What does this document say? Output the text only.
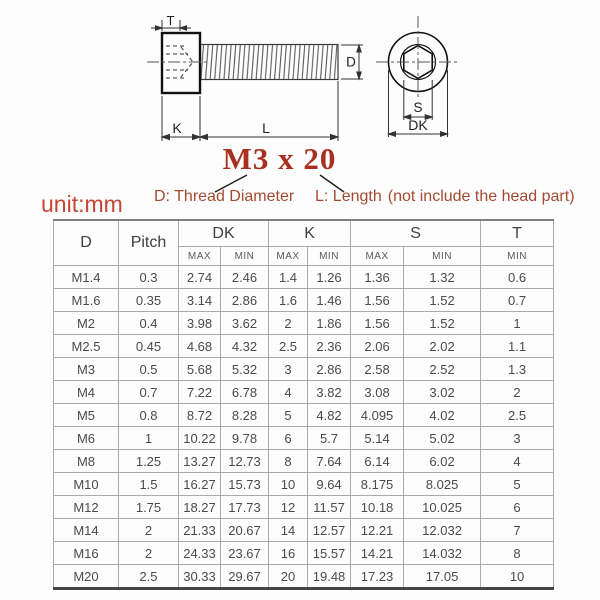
T
D
K	L
S
DK
M3 x 20
D: Thread Diameter L: Length (not include the head part)
unit:mm
D	Pitch	DK		K		S		T
		MAX	MIN	MAX	MIN	MAX	MIN	MIN
M1.4	0.3	2.74	2.46	1.4	1.26	1.36	1.32	0.6
M1.6	0.35	3.14	2.86	1.6	1.46	1.56	1.52	0.7
M2	0.4	3.98	3.62	2	1.86	1.56	1.52	1
M2.5	0.45	4.68	4.32	2.5	2.36	2.06	2.02	1.1
M3	0.5	5.68	5.32	3	2.86	2.58	2.52	1.3
M4	0.7	7.22	6.78	4	3.82	3.08	3.02	2
M5	0.8	8.72	8.28	5	4.82	4.095	4.02	2.5
M6	1	10.22	9.78	6	5.7	5.14	5.02	3
M8	1.25	13.27	12.73	8	7.64	6.14	6.02	4
M10	1.5	16.27	15.73	10	9.64	8.175	8.025	5
M12	1.75	18.27	17.73	12	11.57	10.18	10.025	6
M14	2	21.33	20.67	14	12.57	12.21	12.032	7
M16	2	24.33	23.67	16	15.57	14.21	14.032	8
M20	2.5	30.33	29.67	20	19.48	17.23	17.05	10
